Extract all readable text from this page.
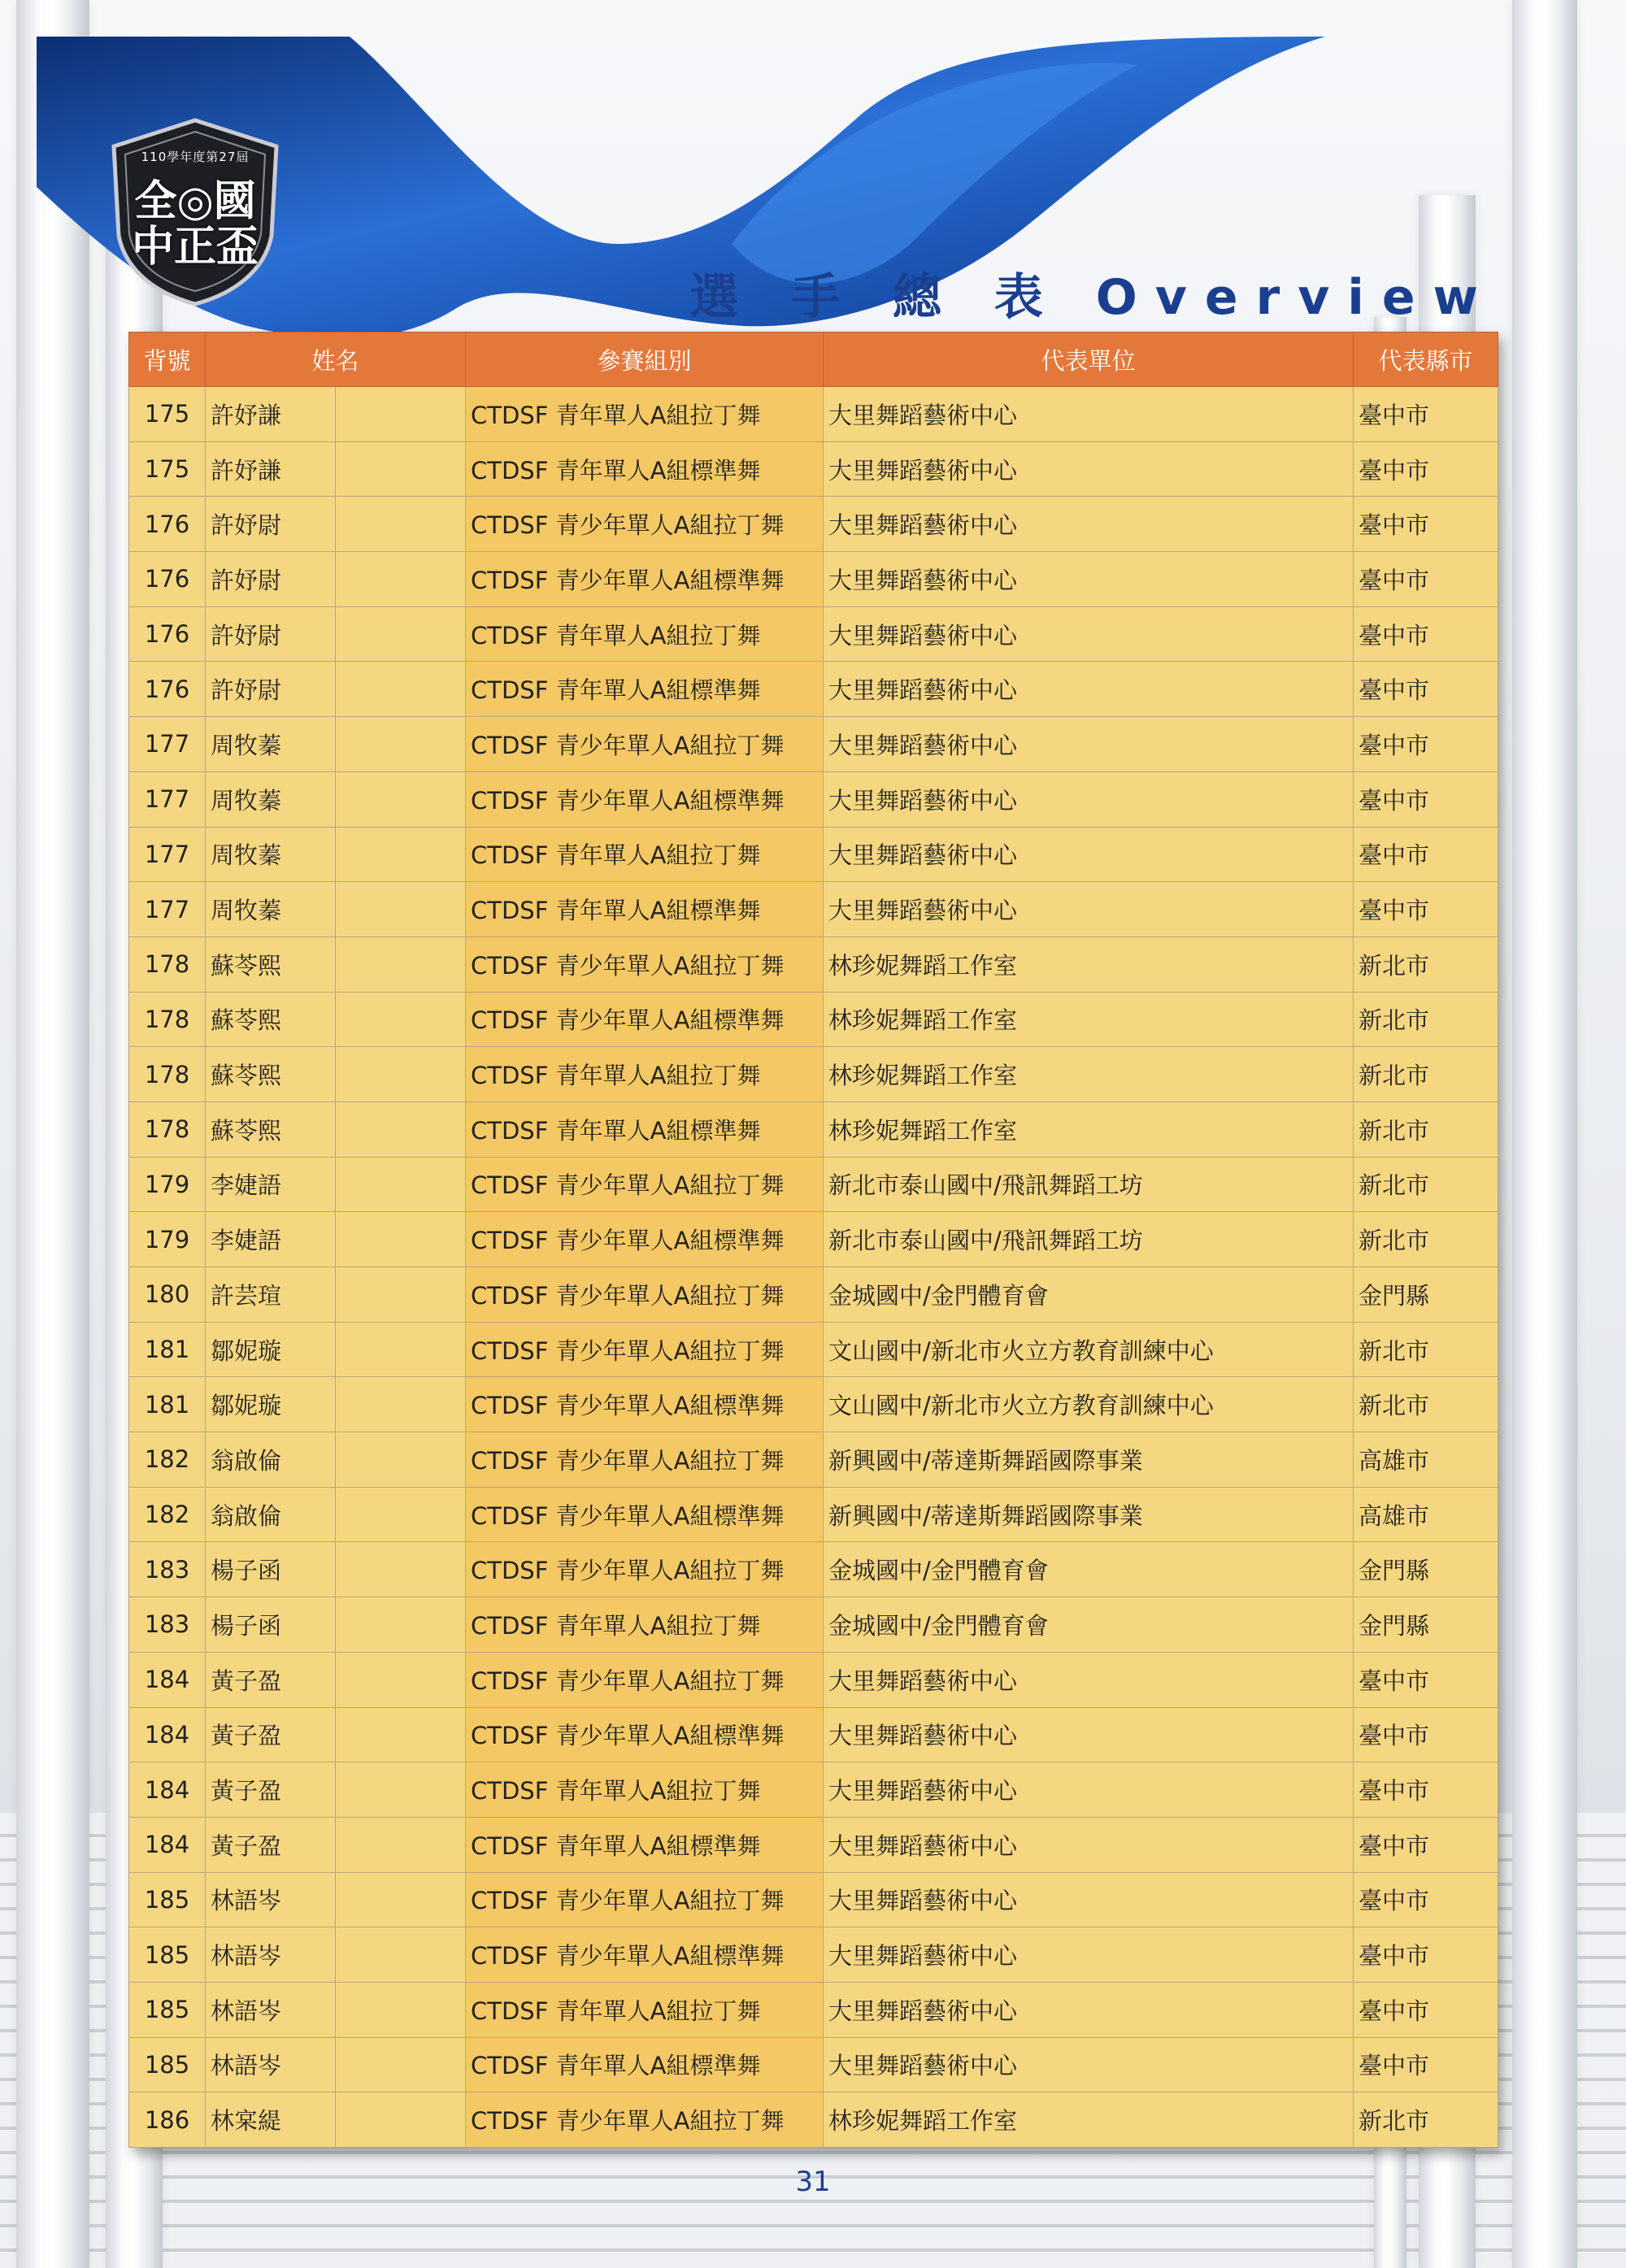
110學年度第27屆
全◎國
中正盃
選 手 總 表 Overview
背號	姓名		參賽組別	代表單位	代表縣市
175	許妤謙		CTDSF 青年單人A組拉丁舞	大里舞蹈藝術中心	臺中市
175	許妤謙		CTDSF 青年單人A組標準舞	大里舞蹈藝術中心	臺中市
176	許妤尉		CTDSF 青少年單人A組拉丁舞	大里舞蹈藝術中心	臺中市
176	許妤尉		CTDSF 青少年單人A組標準舞	大里舞蹈藝術中心	臺中市
176	許妤尉		CTDSF 青年單人A組拉丁舞	大里舞蹈藝術中心	臺中市
176	許妤尉		CTDSF 青年單人A組標準舞	大里舞蹈藝術中心	臺中市
177	周牧蓁		CTDSF 青少年單人A組拉丁舞	大里舞蹈藝術中心	臺中市
177	周牧蓁		CTDSF 青少年單人A組標準舞	大里舞蹈藝術中心	臺中市
177	周牧蓁		CTDSF 青年單人A組拉丁舞	大里舞蹈藝術中心	臺中市
177	周牧蓁		CTDSF 青年單人A組標準舞	大里舞蹈藝術中心	臺中市
178	蘇苓熙		CTDSF 青少年單人A組拉丁舞	林珍妮舞蹈工作室	新北市
178	蘇苓熙		CTDSF 青少年單人A組標準舞	林珍妮舞蹈工作室	新北市
178	蘇苓熙		CTDSF 青年單人A組拉丁舞	林珍妮舞蹈工作室	新北市
178	蘇苓熙		CTDSF 青年單人A組標準舞	林珍妮舞蹈工作室	新北市
179	李婕語		CTDSF 青少年單人A組拉丁舞	新北市泰山國中/飛訊舞蹈工坊	新北市
179	李婕語		CTDSF 青少年單人A組標準舞	新北市泰山國中/飛訊舞蹈工坊	新北市
180	許芸瑄		CTDSF 青少年單人A組拉丁舞	金城國中/金門體育會	金門縣
181	鄒妮璇		CTDSF 青少年單人A組拉丁舞	文山國中/新北市火立方教育訓練中心	新北市
181	鄒妮璇		CTDSF 青少年單人A組標準舞	文山國中/新北市火立方教育訓練中心	新北市
182	翁啟倫		CTDSF 青少年單人A組拉丁舞	新興國中/蒂達斯舞蹈國際事業	高雄市
182	翁啟倫		CTDSF 青少年單人A組標準舞	新興國中/蒂達斯舞蹈國際事業	高雄市
183	楊子函		CTDSF 青少年單人A組拉丁舞	金城國中/金門體育會	金門縣
183	楊子函		CTDSF 青年單人A組拉丁舞	金城國中/金門體育會	金門縣
184	黃子盈		CTDSF 青少年單人A組拉丁舞	大里舞蹈藝術中心	臺中市
184	黃子盈		CTDSF 青少年單人A組標準舞	大里舞蹈藝術中心	臺中市
184	黃子盈		CTDSF 青年單人A組拉丁舞	大里舞蹈藝術中心	臺中市
184	黃子盈		CTDSF 青年單人A組標準舞	大里舞蹈藝術中心	臺中市
185	林語岑		CTDSF 青少年單人A組拉丁舞	大里舞蹈藝術中心	臺中市
185	林語岑		CTDSF 青少年單人A組標準舞	大里舞蹈藝術中心	臺中市
185	林語岑		CTDSF 青年單人A組拉丁舞	大里舞蹈藝術中心	臺中市
185	林語岑		CTDSF 青年單人A組標準舞	大里舞蹈藝術中心	臺中市
186	林宲緹		CTDSF 青少年單人A組拉丁舞	林珍妮舞蹈工作室	新北市
31
